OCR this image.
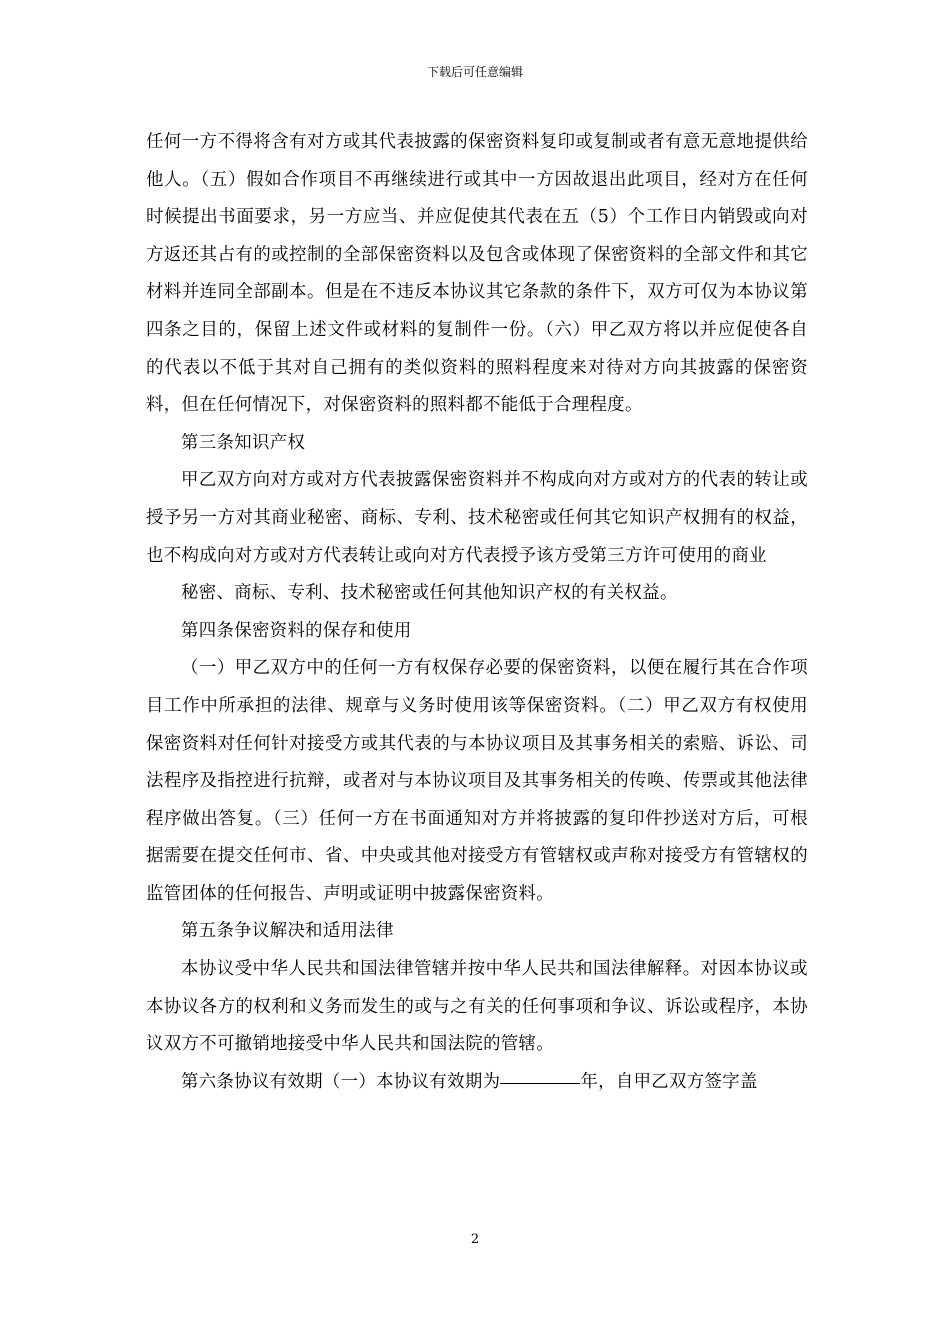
下载后可任意编辑

任何一方不得将含有对方或其代表披露的保密资料复印或复制或者有意无意地提供给他人。（五）假如合作项目不再继续进行或其中一方因故退出此项目，经对方在任何时候提出书面要求，另一方应当、并应促使其代表在五（5）个工作日内销毁或向对方返还其占有的或控制的全部保密资料以及包含或体现了保密资料的全部文件和其它材料并连同全部副本。但是在不违反本协议其它条款的条件下，双方可仅为本协议第四条之目的，保留上述文件或材料的复制件一份。（六）甲乙双方将以并应促使各自的代表以不低于其对自己拥有的类似资料的照料程度来对待对方向其披露的保密资料，但在任何情况下，对保密资料的照料都不能低于合理程度。

第三条知识产权

甲乙双方向对方或对方代表披露保密资料并不构成向对方或对方的代表的转让或授予另一方对其商业秘密、商标、专利、技术秘密或任何其它知识产权拥有的权益，也不构成向对方或对方代表转让或向对方代表授予该方受第三方许可使用的商业

秘密、商标、专利、技术秘密或任何其他知识产权的有关权益。

第四条保密资料的保存和使用

（一）甲乙双方中的任何一方有权保存必要的保密资料，以便在履行其在合作项目工作中所承担的法律、规章与义务时使用该等保密资料。（二）甲乙双方有权使用保密资料对任何针对接受方或其代表的与本协议项目及其事务相关的索赔、诉讼、司法程序及指控进行抗辩，或者对与本协议项目及其事务相关的传唤、传票或其他法律程序做出答复。（三）任何一方在书面通知对方并将披露的复印件抄送对方后，可根据需要在提交任何市、省、中央或其他对接受方有管辖权或声称对接受方有管辖权的监管团体的任何报告、声明或证明中披露保密资料。

第五条争议解决和适用法律

本协议受中华人民共和国法律管辖并按中华人民共和国法律解释。对因本协议或本协议各方的权利和义务而发生的或与之有关的任何事项和争议、诉讼或程序，本协议双方不可撤销地接受中华人民共和国法院的管辖。

第六条协议有效期（一）本协议有效期为	年，自甲乙双方签字盖

2
